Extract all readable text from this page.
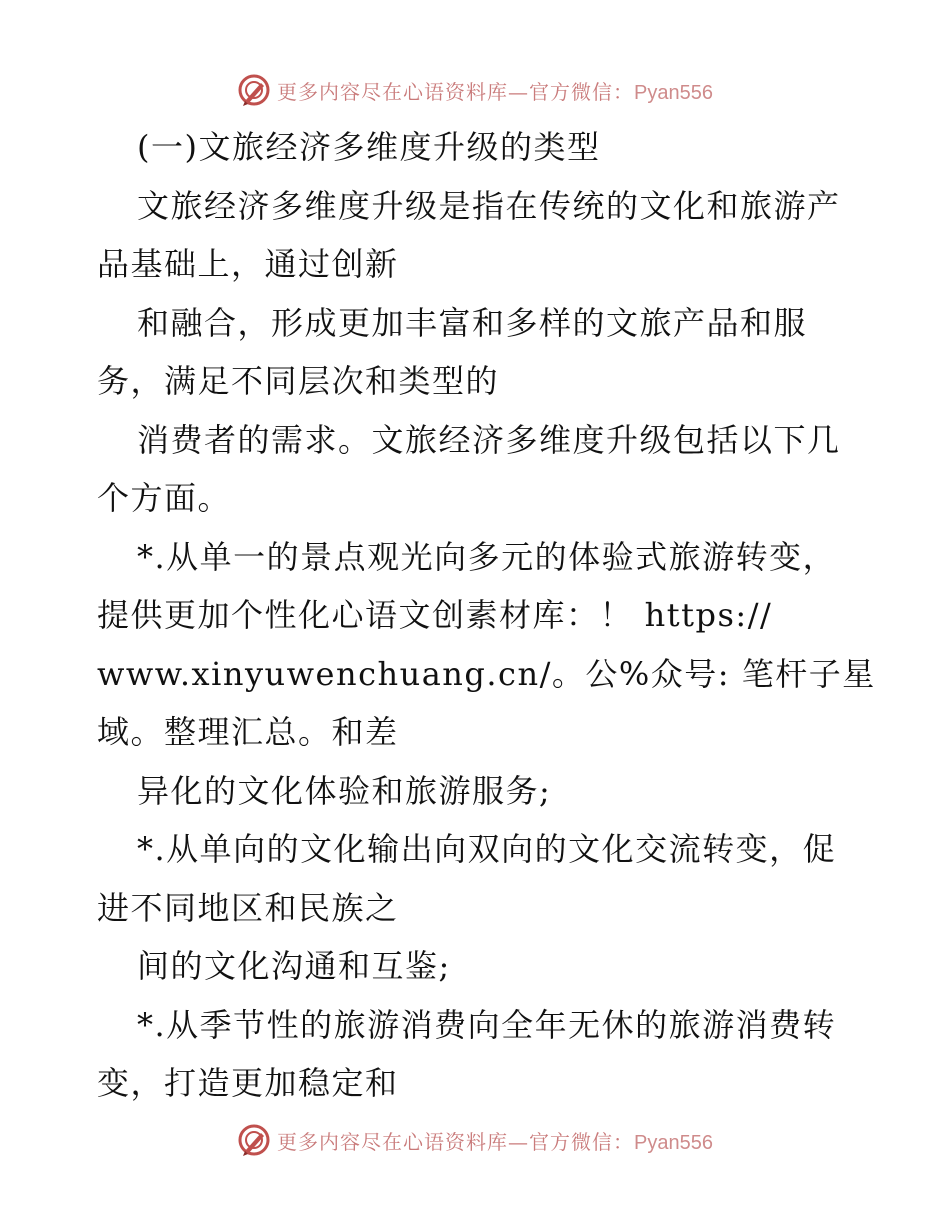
更多内容尽在心语资料库—官方微信：Pyan556
(一)文旅经济多维度升级的类型
文旅经济多维度升级是指在传统的文化和旅游产
品基础上，通过创新
和融合，形成更加丰富和多样的文旅产品和服
务，满足不同层次和类型的
消费者的需求。文旅经济多维度升级包括以下几
个方面。
*.从单一的景点观光向多元的体验式旅游转变，
提供更加个性化心语文创素材库：！ https://
www.xinyuwenchuang.cn/。公%众号: 笔杆子星
域。整理汇总。和差
异化的文化体验和旅游服务;
*.从单向的文化输出向双向的文化交流转变，促
进不同地区和民族之
间的文化沟通和互鉴;
*.从季节性的旅游消费向全年无休的旅游消费转
变，打造更加稳定和
更多内容尽在心语资料库—官方微信：Pyan556
